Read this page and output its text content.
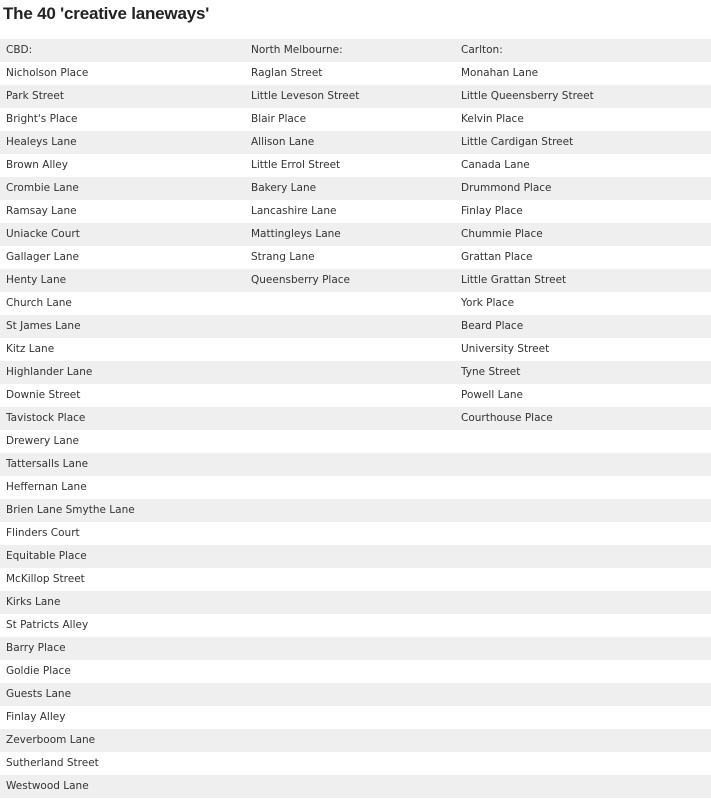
The 40 'creative laneways'
CBD:	North Melbourne:	Carlton:
Nicholson Place	Raglan Street	Monahan Lane
Park Street	Little Leveson Street	Little Queensberry Street
Bright's Place	Blair Place	Kelvin Place
Healeys Lane	Allison Lane	Little Cardigan Street
Brown Alley	Little Errol Street	Canada Lane
Crombie Lane	Bakery Lane	Drummond Place
Ramsay Lane	Lancashire Lane	Finlay Place
Uniacke Court	Mattingleys Lane	Chummie Place
Gallager Lane	Strang Lane	Grattan Place
Henty Lane	Queensberry Place	Little Grattan Street
Church Lane		York Place
St James Lane		Beard Place
Kitz Lane		University Street
Highlander Lane		Tyne Street
Downie Street		Powell Lane
Tavistock Place		Courthouse Place
Drewery Lane		
Tattersalls Lane		
Heffernan Lane		
Brien Lane Smythe Lane		
Flinders Court		
Equitable Place		
McKillop Street		
Kirks Lane		
St Patricts Alley		
Barry Place		
Goldie Place		
Guests Lane		
Finlay Alley		
Zeverboom Lane		
Sutherland Street		
Westwood Lane		
